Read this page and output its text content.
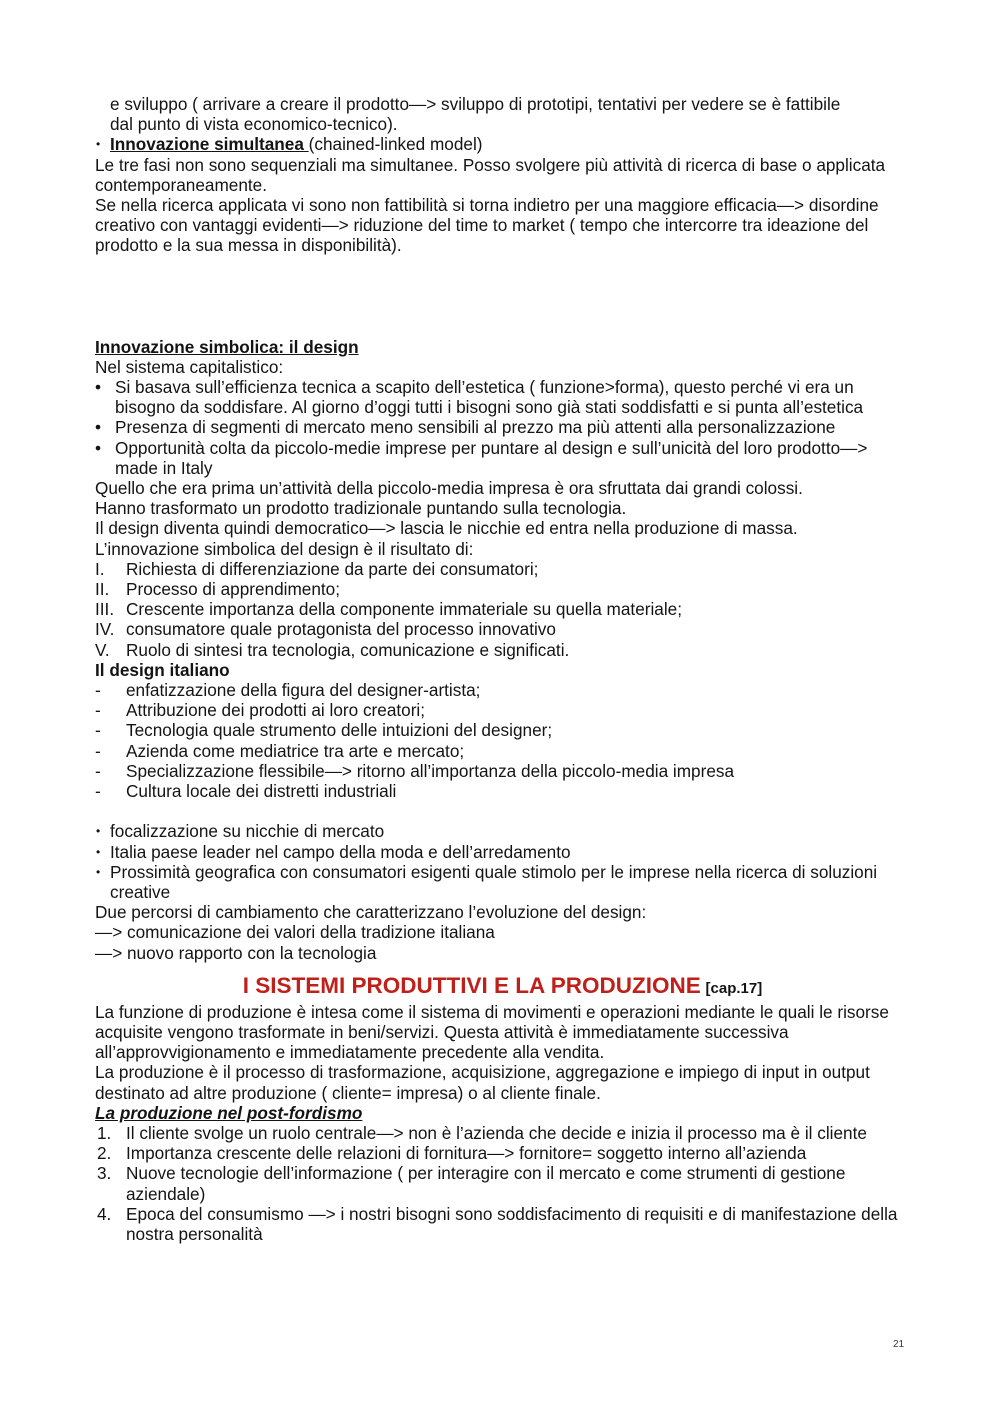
e sviluppo ( arrivare a creare il prodotto—> sviluppo di prototipi, tentativi per vedere se è fattibile

dal punto di vista economico-tecnico).

• Innovazione simultanea (chained-linked model)

Le tre fasi non sono sequenziali ma simultanee. Posso svolgere più attività di ricerca di base o applicata contemporaneamente.

Se nella ricerca applicata vi sono non fattibilità si torna indietro per una maggiore efficacia—> disordine creativo con vantaggi evidenti—> riduzione del time to market ( tempo che intercorre tra ideazione del prodotto e la sua messa in disponibilità).

Innovazione simbolica: il design

Nel sistema capitalistico:

• Si basava sull’efficienza tecnica a scapito dell’estetica ( funzione>forma), questo perché vi era un bisogno da soddisfare. Al giorno d’oggi tutti i bisogni sono già stati soddisfatti e si punta all’estetica
• Presenza di segmenti di mercato meno sensibili al prezzo ma più attenti alla personalizzazione
• Opportunità colta da piccolo-medie imprese per puntare al design e sull’unicità del loro prodotto—> made in Italy

Quello che era prima un’attività della piccolo-media impresa è ora sfruttata dai grandi colossi.

Hanno trasformato un prodotto tradizionale puntando sulla tecnologia.

Il design diventa quindi democratico—> lascia le nicchie ed entra nella produzione di massa.

L’innovazione simbolica del design è il risultato di:

I. Richiesta di differenziazione da parte dei consumatori;
II. Processo di apprendimento;
III. Crescente importanza della componente immateriale su quella materiale;
IV. consumatore quale protagonista del processo innovativo
V. Ruolo di sintesi tra tecnologia, comunicazione e significati.

Il design italiano

- enfatizzazione della figura del designer-artista;
- Attribuzione dei prodotti ai loro creatori;
- Tecnologia quale strumento delle intuizioni del designer;
- Azienda come mediatrice tra arte e mercato;
- Specializzazione flessibile—> ritorno all’importanza della piccolo-media impresa
- Cultura locale dei distretti industriali
• focalizzazione su nicchie di mercato
• Italia paese leader nel campo della moda e dell’arredamento
• Prossimità geografica con consumatori esigenti quale stimolo per le imprese nella ricerca di soluzioni creative

Due percorsi di cambiamento che caratterizzano l’evoluzione del design:

—> comunicazione dei valori della tradizione italiana

—> nuovo rapporto con la tecnologia

I SISTEMI PRODUTTIVI E LA PRODUZIONE [cap.17]

La funzione di produzione è intesa come il sistema di movimenti e operazioni mediante le quali le risorse acquisite vengono trasformate in beni/servizi. Questa attività è immediatamente successiva all’approvvigionamento e immediatamente precedente alla vendita.

La produzione è il processo di trasformazione, acquisizione, aggregazione e impiego di input in output destinato ad altre produzione ( cliente= impresa) o al cliente finale.

La produzione nel post-fordismo

1. Il cliente svolge un ruolo centrale—> non è l’azienda che decide e inizia il processo ma è il cliente
2. Importanza crescente delle relazioni di fornitura—> fornitore= soggetto interno all’azienda
3. Nuove tecnologie dell’informazione ( per interagire con il mercato e come strumenti di gestione aziendale)
4. Epoca del consumismo —> i nostri bisogni sono soddisfacimento di requisiti e di manifestazione della nostra personalità
21
